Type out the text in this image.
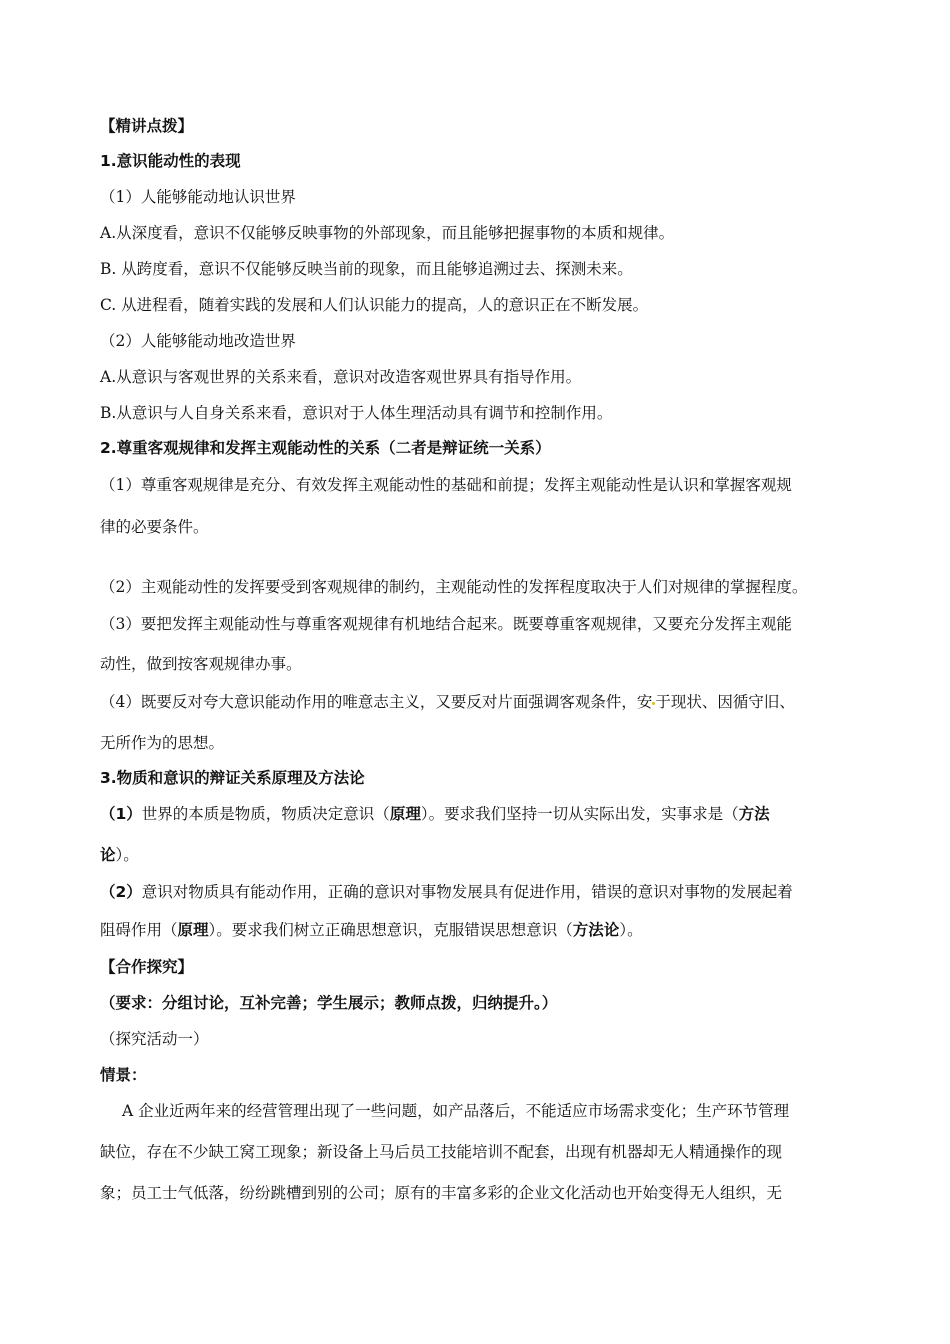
【精讲点拨】
1.意识能动性的表现
（1）人能够能动地认识世界
A.从深度看，意识不仅能够反映事物的外部现象，而且能够把握事物的本质和规律。
B. 从跨度看，意识不仅能够反映当前的现象，而且能够追溯过去、探测未来。
C. 从进程看，随着实践的发展和人们认识能力的提高，人的意识正在不断发展。
（2）人能够能动地改造世界
A.从意识与客观世界的关系来看，意识对改造客观世界具有指导作用。
B.从意识与人自身关系来看，意识对于人体生理活动具有调节和控制作用。
2.尊重客观规律和发挥主观能动性的关系（二者是辩证统一关系）
（1）尊重客观规律是充分、有效发挥主观能动性的基础和前提；发挥主观能动性是认识和掌握客观规
律的必要条件。
（2）主观能动性的发挥要受到客观规律的制约，主观能动性的发挥程度取决于人们对规律的掌握程度。
（3）要把发挥主观能动性与尊重客观规律有机地结合起来。既要尊重客观规律，又要充分发挥主观能
动性，做到按客观规律办事。
（4）既要反对夸大意识能动作用的唯意志主义，又要反对片面强调客观条件，安 于现状、因循守旧、
无所作为的思想。
3.物质和意识的辩证关系原理及方法论
（1）世界的本质是物质，物质决定意识（原理）。要求我们坚持一切从实际出发，实事求是（方法
论）。
（2）意识对物质具有能动作用，正确的意识对事物发展具有促进作用，错误的意识对事物的发展起着
阻碍作用（原理）。要求我们树立正确思想意识，克服错误思想意识（方法论）。
【合作探究】
（要求：分组讨论，互补完善；学生展示；教师点拨，归纳提升。）
（探究活动一）
情景：
A 企业近两年来的经营管理出现了一些问题，如产品落后，不能适应市场需求变化；生产环节管理
缺位，存在不少缺工窝工现象；新设备上马后员工技能培训不配套，出现有机器却无人精通操作的现
象；员工士气低落，纷纷跳槽到别的公司；原有的丰富多彩的企业文化活动也开始变得无人组织，无
